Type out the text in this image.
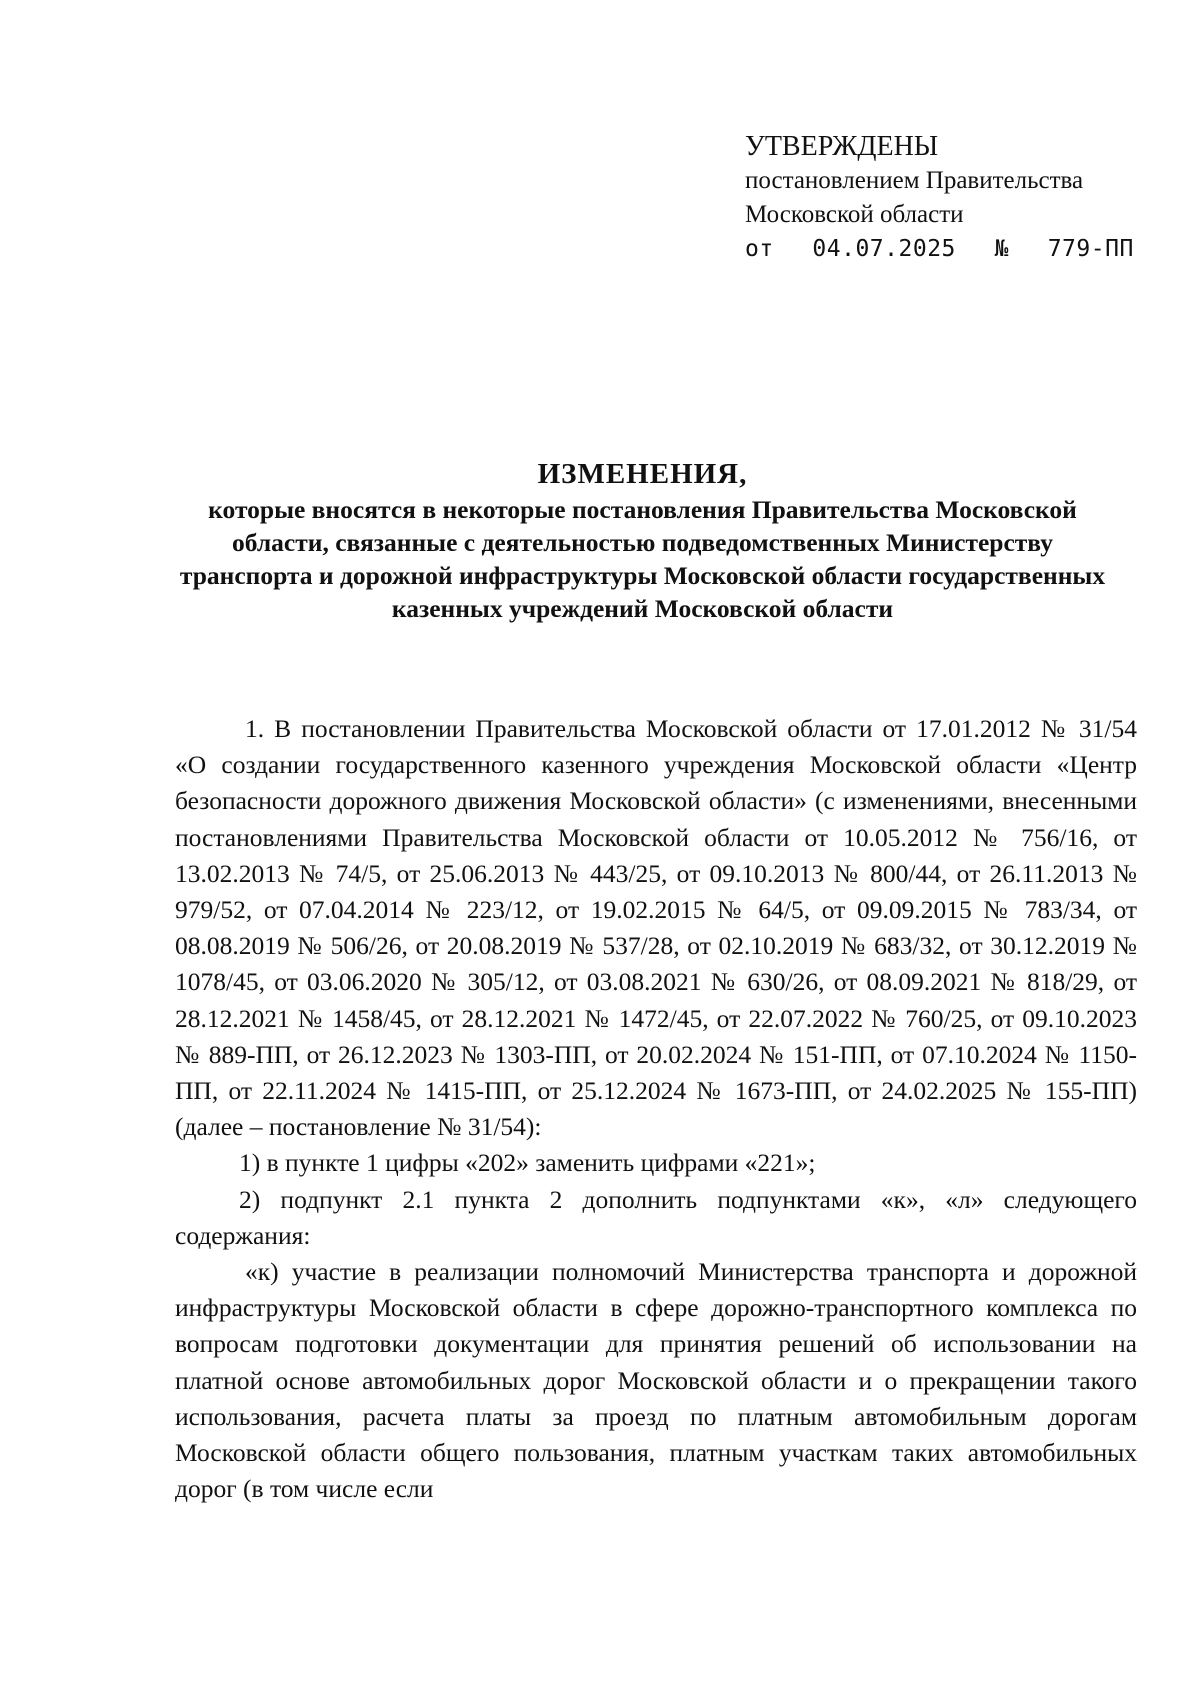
УТВЕРЖДЕНЫ
постановлением Правительства
Московской области
от 04.07.2025 № 779-ПП
ИЗМЕНЕНИЯ,
которые вносятся в некоторые постановления Правительства Московской области, связанные с деятельностью подведомственных Министерству транспорта и дорожной инфраструктуры Московской области государственных казенных учреждений Московской области

1. В постановлении Правительства Московской области от 17.01.2012 № 31/54 «О создании государственного казенного учреждения Московской области «Центр безопасности дорожного движения Московской области» (с изменениями, внесенными постановлениями Правительства Московской области от 10.05.2012 № 756/16, от 13.02.2013 № 74/5, от 25.06.2013 № 443/25, от 09.10.2013 № 800/44, от 26.11.2013 № 979/52, от 07.04.2014 № 223/12, от 19.02.2015 № 64/5, от 09.09.2015 № 783/34, от 08.08.2019 № 506/26, от 20.08.2019 № 537/28, от 02.10.2019 № 683/32, от 30.12.2019 № 1078/45, от 03.06.2020 № 305/12, от 03.08.2021 № 630/26, от 08.09.2021 № 818/29, от 28.12.2021 № 1458/45, от 28.12.2021 № 1472/45, от 22.07.2022 № 760/25, от 09.10.2023 № 889-ПП, от 26.12.2023 № 1303-ПП, от 20.02.2024 № 151-ПП, от 07.10.2024 № 1150-ПП, от 22.11.2024 № 1415-ПП, от 25.12.2024 № 1673-ПП, от 24.02.2025 № 155-ПП) (далее – постановление № 31/54):

1) в пункте 1 цифры «202» заменить цифрами «221»;

2) подпункт 2.1 пункта 2 дополнить подпунктами «к», «л» следующего содержания:

«к) участие в реализации полномочий Министерства транспорта и дорожной инфраструктуры Московской области в сфере дорожно-транспортного комплекса по вопросам подготовки документации для принятия решений об использовании на платной основе автомобильных дорог Московской области и о прекращении такого использования, расчета платы за проезд по платным автомобильным дорогам Московской области общего пользования, платным участкам таких автомобильных дорог (в том числе если
